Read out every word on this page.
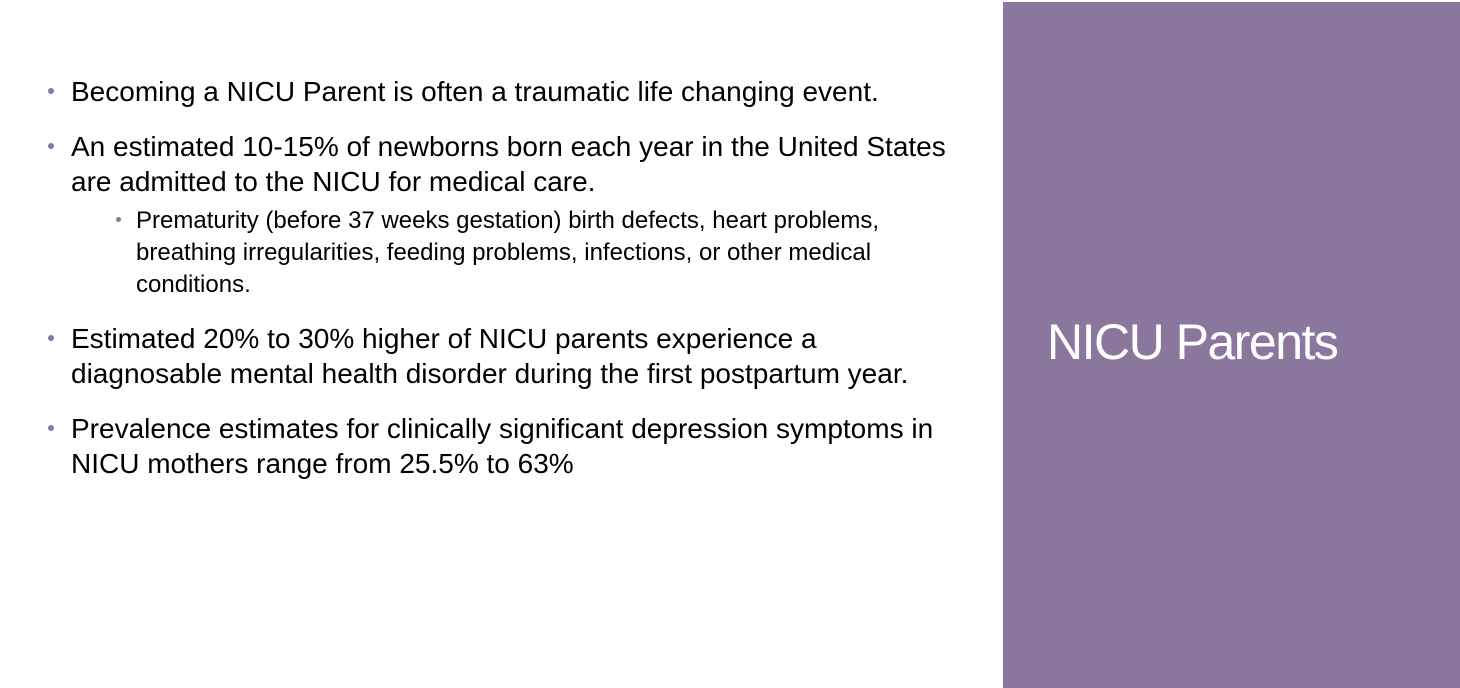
Becoming a NICU Parent is often a traumatic life changing event.
An estimated 10-15% of newborns born each year in the United States are admitted to the NICU for medical care.
Prematurity (before 37 weeks gestation) birth defects, heart problems, breathing irregularities, feeding problems, infections, or other medical conditions.
Estimated 20% to 30% higher of NICU parents experience a diagnosable mental health disorder during the first postpartum year.
Prevalence estimates for clinically significant depression symptoms in NICU mothers range from 25.5% to 63%
NICU Parents
